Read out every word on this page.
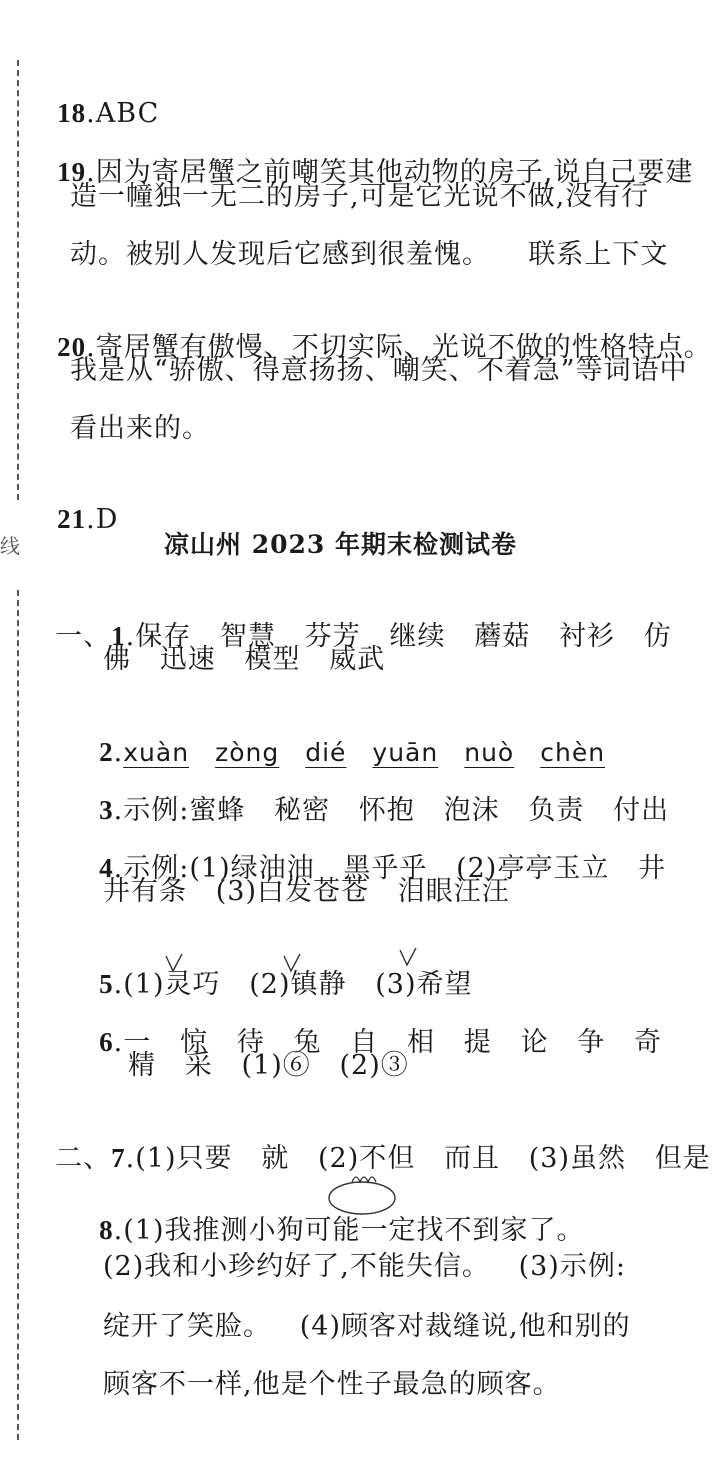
线

18.ABC

19.因为寄居蟹之前嘲笑其他动物的房子,说自己要建

造一幢独一无二的房子,可是它光说不做,没有行
动。被别人发现后它感到很羞愧。    联系上下文

20.寄居蟹有傲慢、不切实际、光说不做的性格特点。

我是从“骄傲、得意扬扬、嘲笑、不着急”等词语中
看出来的。

21.D

凉山州 2023 年期末检测试卷

一、1.保存   智慧   芬芳   继续   蘑菇   衬衫   仿

佛   迅速   模型   威武

2.xuàn zòng dié yuān nuò chèn

3.示例:蜜蜂   秘密   怀抱   泡沫   负责   付出

4.示例:(1)绿油油   黑乎乎   (2)亭亭玉立   井

井有条   (3)白发苍苍   泪眼汪汪

5.(1)灵巧   (2)镇静   (3)希望

6.一   惊   待   兔   自   相   提   论   争   奇

精   采   (1)⑥   (2)③

二、7.(1)只要   就   (2)不但   而且   (3)虽然   但是

8.(1)我推测小狗可能一定找不到家了。

(2)我和小珍约好了,不能失信。   (3)示例:
绽开了笑脸。   (4)顾客对裁缝说,他和别的
顾客不一样,他是个性子最急的顾客。
